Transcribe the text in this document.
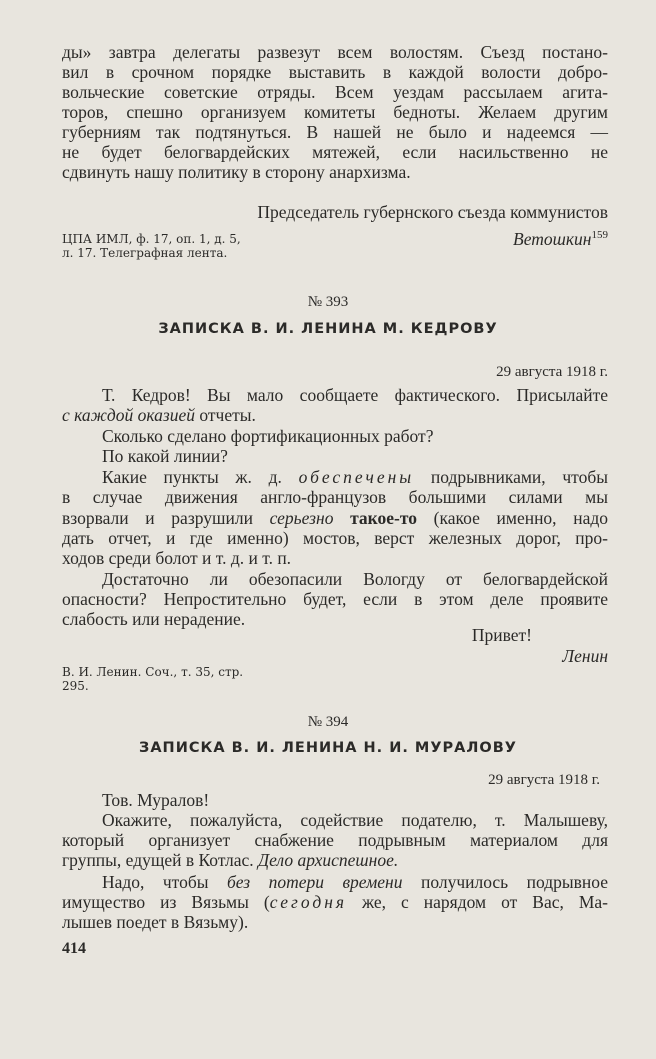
ды» завтра делегаты развезут всем волостям. Съезд постано-
вил в срочном порядке выставить в каждой волости добро-
вольческие советские отряды. Всем уездам рассылаем агита-
торов, спешно организуем комитеты бедноты. Желаем другим
губерниям так подтянуться. В нашей не было и надеемся —
не будет белогвардейских мятежей, если насильственно не
сдвинуть нашу политику в сторону анархизма.
Председатель губернского съезда коммунистов
Ветошкин$^{159}$
ЦПА ИМЛ, ф. 17, оп. 1, д. 5,
л. 17. Телеграфная лента.
№ 393
ЗАПИСКА В. И. ЛЕНИНА М. КЕДРОВУ
29 августа 1918 г.
Т. Кедров! Вы мало сообщаете фактического. Присылайте
с каждой оказией отчеты.
Сколько сделано фортификационных работ?
По какой линии?
Какие пункты ж. д. обеспечены подрывниками, чтобы
в случае движения англо-французов большими силами мы
взорвали и разрушили серьезно такое-то (какое именно, надо
дать отчет, и где именно) мостов, верст железных дорог, про-
ходов среди болот и т. д. и т. п.
Достаточно ли обезопасили Вологду от белогвардейской
опасности? Непростительно будет, если в этом деле проявите
слабость или нерадение.
Привет!
Ленин
В. И. Ленин. Соч., т. 35, стр.
295.
№ 394
ЗАПИСКА В. И. ЛЕНИНА Н. И. МУРАЛОВУ
29 августа 1918 г.
Тов. Муралов!
Окажите, пожалуйста, содействие подателю, т. Малышеву,
который организует снабжение подрывным материалом для
группы, едущей в Котлас. Дело архиспешное.
Надо, чтобы без потери времени получилось подрывное
имущество из Вязьмы (сегодня же, с нарядом от Вас, Ма-
лышев поедет в Вязьму).
414
